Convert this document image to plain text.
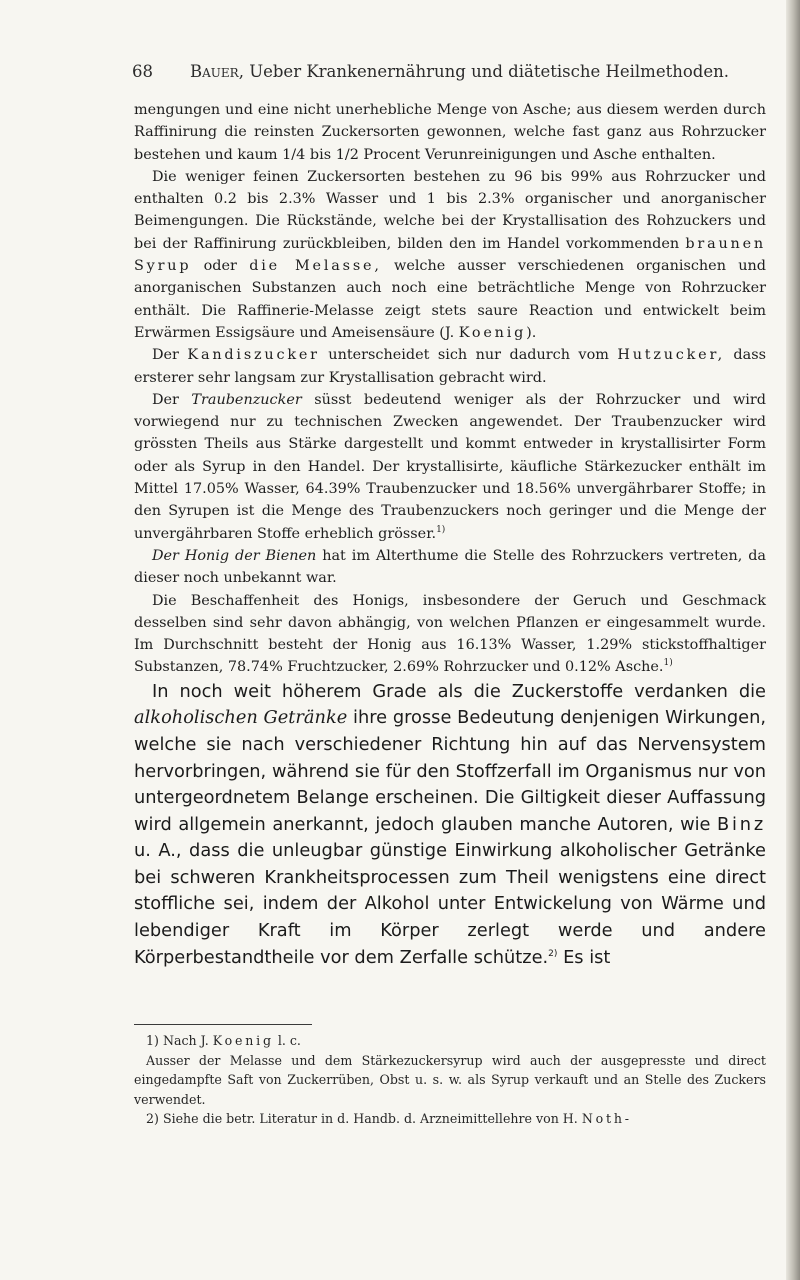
68 Bauer, Ueber Krankenernährung und diätetische Heilmethoden.

mengungen und eine nicht unerhebliche Menge von Asche; aus diesem werden durch Raffinirung die reinsten Zuckersorten gewonnen, welche fast ganz aus Rohrzucker bestehen und kaum 1/4 bis 1/2 Procent Verunreinigungen und Asche enthalten.

Die weniger feinen Zuckersorten bestehen zu 96 bis 99% aus Rohrzucker und enthalten 0.2 bis 2.3% Wasser und 1 bis 2.3% organischer und anorganischer Beimengungen. Die Rückstände, welche bei der Krystallisation des Rohzuckers und bei der Raffinirung zurückbleiben, bilden den im Handel vorkommenden braunen Syrup oder die Melasse, welche ausser verschiedenen organischen und anorganischen Substanzen auch noch eine beträchtliche Menge von Rohrzucker enthält. Die Raffinerie-Melasse zeigt stets saure Reaction und entwickelt beim Erwärmen Essigsäure und Ameisensäure (J. Koenig).

Der Kandiszucker unterscheidet sich nur dadurch vom Hutzucker, dass ersterer sehr langsam zur Krystallisation gebracht wird.

Der Traubenzucker süsst bedeutend weniger als der Rohrzucker und wird vorwiegend nur zu technischen Zwecken angewendet. Der Traubenzucker wird grössten Theils aus Stärke dargestellt und kommt entweder in krystallisirter Form oder als Syrup in den Handel. Der krystallisirte, käufliche Stärkezucker enthält im Mittel 17.05% Wasser, 64.39% Traubenzucker und 18.56% unvergährbarer Stoffe; in den Syrupen ist die Menge des Traubenzuckers noch geringer und die Menge der unvergährbaren Stoffe erheblich grösser.$^{1)}$

Der Honig der Bienen hat im Alterthume die Stelle des Rohrzuckers vertreten, da dieser noch unbekannt war.

Die Beschaffenheit des Honigs, insbesondere der Geruch und Geschmack desselben sind sehr davon abhängig, von welchen Pflanzen er eingesammelt wurde. Im Durchschnitt besteht der Honig aus 16.13% Wasser, 1.29% stickstoffhaltiger Substanzen, 78.74% Fruchtzucker, 2.69% Rohrzucker und 0.12% Asche.$^{1)}$

In noch weit höherem Grade als die Zuckerstoffe verdanken die alkoholischen Getränke ihre grosse Bedeutung denjenigen Wirkungen, welche sie nach verschiedener Richtung hin auf das Nervensystem hervorbringen, während sie für den Stoffzerfall im Organismus nur von untergeordnetem Belange erscheinen. Die Giltigkeit dieser Auffassung wird allgemein anerkannt, jedoch glauben manche Autoren, wie Binz u. A., dass die unleugbar günstige Einwirkung alkoholischer Getränke bei schweren Krankheitsprocessen zum Theil wenigstens eine direct stoffliche sei, indem der Alkohol unter Entwickelung von Wärme und lebendiger Kraft im Körper zerlegt werde und andere Körperbestandtheile vor dem Zerfalle schütze.$^{2)}$ Es ist

1) Nach J. Koenig l. c.

Ausser der Melasse und dem Stärkezuckersyrup wird auch der ausgepresste und direct eingedampfte Saft von Zuckerrüben, Obst u. s. w. als Syrup verkauft und an Stelle des Zuckers verwendet.

2) Siehe die betr. Literatur in d. Handb. d. Arzneimittellehre von H. Noth-
